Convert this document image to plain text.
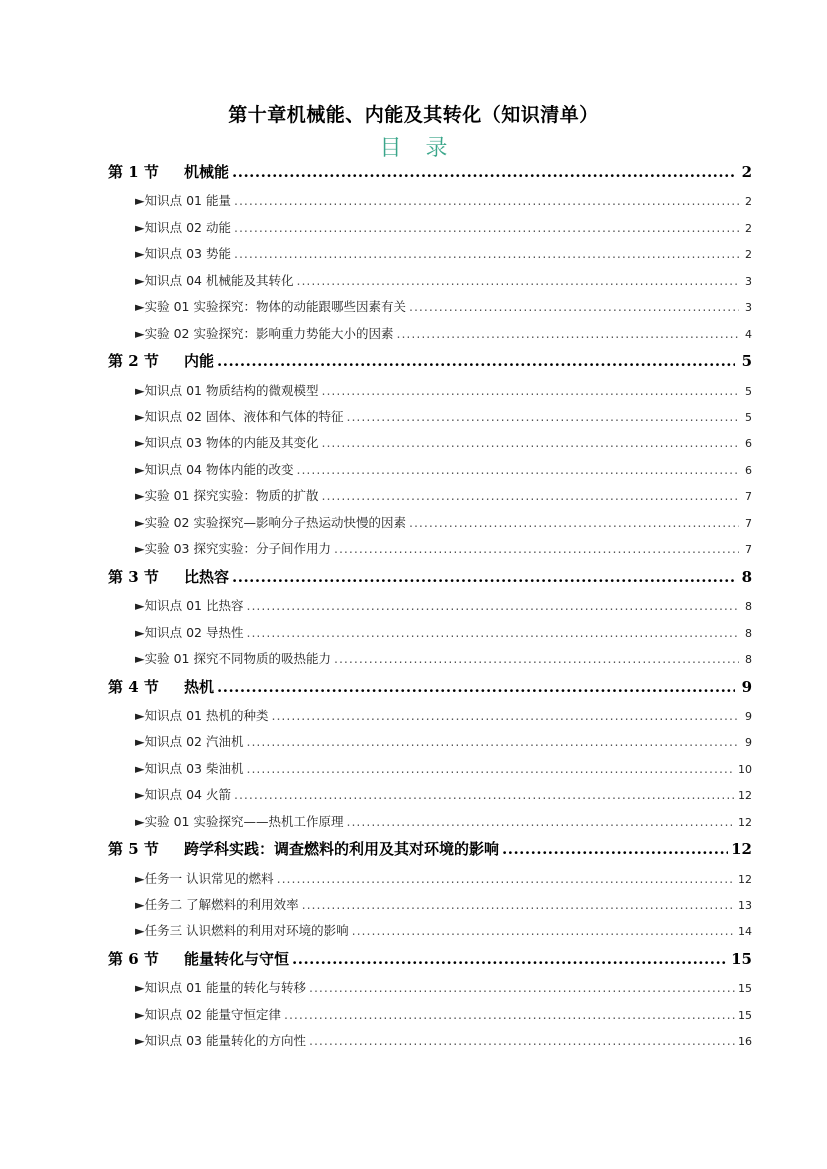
第十章机械能、内能及其转化（知识清单）
目录
第 1 节	机械能 .....	2
►知识点 01 能量 .....	2
►知识点 02 动能 .....	2
►知识点 03 势能 .....	2
►知识点 04 机械能及其转化 .....	3
►实验 01 实验探究：物体的动能跟哪些因素有关 .....	3
►实验 02 实验探究：影响重力势能大小的因素 .....	4
第 2 节	内能 .....	5
►知识点 01 物质结构的微观模型 .....	5
►知识点 02 固体、液体和气体的特征 .....	5
►知识点 03 物体的内能及其变化 .....	6
►知识点 04 物体内能的改变 .....	6
►实验 01 探究实验：物质的扩散 .....	7
►实验 02 实验探究—影响分子热运动快慢的因素 .....	7
►实验 03 探究实验：分子间作用力 .....	7
第 3 节	比热容 .....	8
►知识点 01 比热容 .....	8
►知识点 02 导热性 .....	8
►实验 01 探究不同物质的吸热能力 .....	8
第 4 节	热机 .....	9
►知识点 01 热机的种类 .....	9
►知识点 02 汽油机 .....	9
►知识点 03 柴油机 .....	10
►知识点 04 火箭 .....	12
►实验 01 实验探究——热机工作原理 .....	12
第 5 节	跨学科实践：调查燃料的利用及其对环境的影响 .....	12
►任务一 认识常见的燃料 .....	12
►任务二 了解燃料的利用效率 .....	13
►任务三 认识燃料的利用对环境的影响 .....	14
第 6 节	能量转化与守恒 .....	15
►知识点 01 能量的转化与转移 .....	15
►知识点 02 能量守恒定律 .....	15
►知识点 03 能量转化的方向性 .....	16
